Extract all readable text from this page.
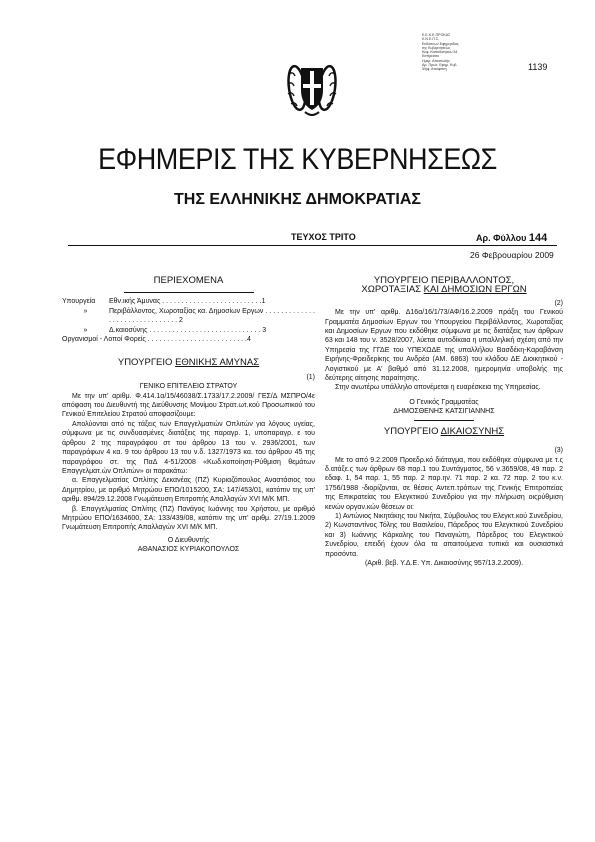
Ε.Ε.Κ.Ε.ΠΡΟΚΑΣ
Κ.Ν.Ε.Π.Σ.
Εκδόσεων Εφημερίδας
της Κυβερνήσεως
Κεφ. Καποδιστρίου 34
Εσπρέσσο
Ημερ. Αποστολής
Αρ. Πρωτ. Εφημ. Κυβ.
Ψηφ. Απόφαση	1139
ΕΦΗΜΕΡΙΣ ΤΗΣ ΚΥΒΕΡΝΗΣΕΩΣ
ΤΗΣ ΕΛΛΗΝΙΚΗΣ ΔΗΜΟΚΡΑΤΙΑΣ
ΤΕΥΧΟΣ ΤΡΙΤΟ	Αρ. Φύλλου 144
26 Φεβρουαρίου 2009
ΠΕΡΙΕΧΟΜΕΝΑ
Υπουργεία	Εθν.ικής Άμυνας . . . . . . . . . . . . . . . . . . . . . . . . . .1
»	Περιβάλλοντος, Χωροταξίας κα. Δημοσίων Εργων . . . . . . . . . . . . . . . . . . . . . . . . . . . . . . . 2
»	Δ.καιοσύνης . . . . . . . . . . . . . . . . . . . . . . . . . . . . . 3
Οργανισμοί - Λοποί Φορείς . . . . . . . . . . . . . . . . . . . . . . . . . .4
ΥΠΟΥΡΓΕΙΟ ΕΘΝΙΚΗΣ ΑΜΥΝΑΣ
(1)
ΓΕΝΙΚΟ ΕΠΙΤΕΛΕΙΟ ΣΤΡΑΤΟΥ

Με την υπ' αριθμ. Φ.414.1α/15/46038/Σ.1733/17.2.2009/ ΓΕΣ/Δ ΜΣΠΡΟ/4ε απόφαση του Διευθυντή της Διεύθυνσης Μονίμου Στρατ.ωτ.κού Προσωπικού του Γενικού Επιτελείου Στρατού αποφασίζουμε:

Απολύονται από τις τάξεις των Επαγγελματιών Οπλιτών για λόγους υγείας, σύμφωνα με τις συνδυασμένες διατάξεις της παραγρ. 1, υποπαραγρ. ε του άρθρου 2 της παραγράφου στ του άρθρου 13 του ν. 2936/2001, των παραγράφων 4 κα. 9 του άρθρου 13 του ν.δ. 1327/1973 κα. του άρθρου 45 της παραγράφου στ. της ΠαΔ 4-51/2008 «Κωδ.κοποίηση-Ρύθμιση θεμάτων Επαγγελματ.ών Οπλιτών» οι παρακάτω:

α. Επαγγελματίας Οπλίτης Δεκανέας (ΠΖ) Κυριαζόπουλος Αναστάσιος του Δημητρίου, με αριθμό Μητρώου ΕΠΟ/1015200, ΣΑ: 147/453/01, κατόπιν της υπ' αριθμ. 894/29.12.2008 Γνωμάτευση Επιτροπής Απαλλαγών XVI Μ/Κ ΜΠ.

β. Επαγγελματίας Οπλίτης (ΠΖ) Πανάγος Ιωάννης του Χρήστου, με αριθμό Μητρώου ΕΠΟ/1634600, ΣΑ: 133/439/08, κατόπιν της υπ' αριθμ. 27/19.1.2009 Γνωμάτευση Επιτροπής Απαλλαγών XVI Μ/Κ ΜΠ.

Ο Διευθυντής
ΑΘΑΝΑΣΙΟΣ ΚΥΡΙΑΚΟΠΟΥΛΟΣ
ΥΠΟΥΡΓΕΙΟ ΠΕΡΙΒΑΛΛΟΝΤΟΣ,
ΧΩΡΟΤΑΞΙΑΣ ΚΑΙ ΔΗΜΟΣΙΩΝ ΕΡΓΩΝ
(2)

Με την υπ' αριθμ. Δ16α/16/1/73/ΑΦ/16.2.2009 πράξη του Γενικού Γραμματέα Δημοσίων Εργων του Υπουργείου Περιβάλλοντος, Χωροταξίας και Δημοσίων Εργων που εκδόθηκε σύμφωνα με τις διατάξεις των άρθρων 63 και 148 του ν. 3528/2007, λύεται αυτοδίκαια η υπαλληλική σχέση από την Υπηρεσία της ΓΓΔΕ του ΥΠΕΧΩΔΕ της υπαλλήλου Βασδέκη-Καραβάνση Ειρήνης-Φρειδερίκης του Ανδρέα (ΑΜ. 6863) του κλάδου ΔΕ Διοικητικού - Λογιστικού με Α' βαθμό από 31.12.2008, ημερομηνία υποβολής της δεύτερης αίτησης παραίτησης.

Στην ανωτέρω υπάλληλο απονέμεται η ευαρέσκεια της Υπηρεσίας.

Ο Γενικός Γραμματέας
ΔΗΜΟΣΘΕΝΗΣ ΚΑΤΣΙΓΙΑΝΝΗΣ
ΥΠΟΥΡΓΕΙΟ ΔΙΚΑΙΟΣΥΝΗΣ
(3)

Με το από 9.2.2009 Προεδρ.κό διάταγμα, που εκδόθηκε σύμφωνα με τ.ς δ.ατάξε.ς των άρθρων 68 παρ.1 του Συντάγματος, 56 ν.3659/08, 49 παρ. 2 εδαφ. 1, 54 παρ. 1, 55 παρ. 2 παρ.ην. 71 παρ. 2 κα. 72 παρ. 2 του κ.ν. 1756/1988 -διορίζονται, σε θέσεις Αντεπ.τρόπων της Γενικής Επιτροπείας της Επικρατείας του Ελεγκτικού Συνεδρίου για την πλήρωση οιςρύθμιση κενών οργαν.κών θέσεων οι:

1) Αντώνιος Νικητάκης του Νικήτα, Σύμβουλος του Ελεγκτ.κού Συνεδρίου, 2) Κωνσταντίνος Τόλης του Βασιλείου, Πάρεδρος του Ελεγκτικού Συνεδρίου και 3) Ιωάννης Κάρκαλης του Παναγιώτη, Πάρεδρος του Ελεγκτικού Συνεδρίου, επειδή έχουν όλα τα απαιτούμενα τυπικά και ουσιαστικά προσόντα.

(Αριθ. βεβ. Υ.Δ.Ε. Υπ. Δικαιοσύνης 957/13.2.2009).
